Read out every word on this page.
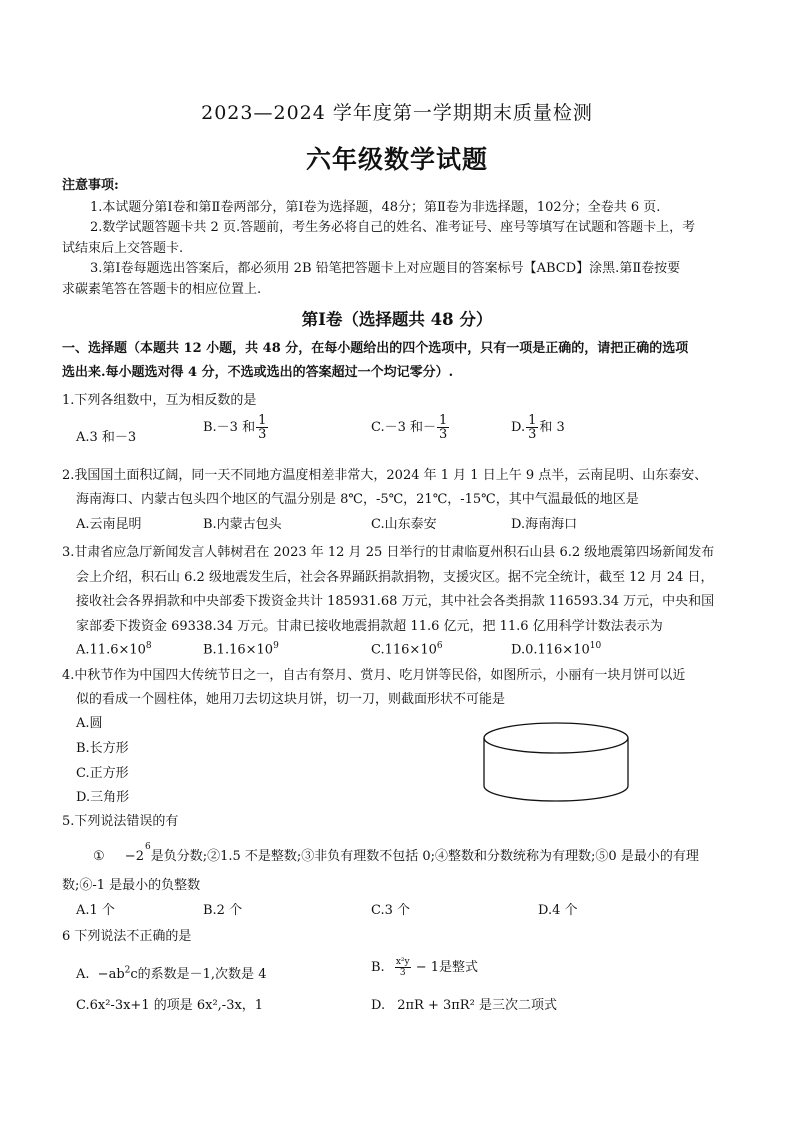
2023—2024 学年度第一学期期末质量检测
六年级数学试题
注意事项:
1.本试题分第Ⅰ卷和第Ⅱ卷两部分，第Ⅰ卷为选择题，48分；第Ⅱ卷为非选择题，102分；全卷共 6 页.
2.数学试题答题卡共 2 页.答题前，考生务必将自己的姓名、准考证号、座号等填写在试题和答题卡上，考
试结束后上交答题卡.
3.第Ⅰ卷每题选出答案后，都必须用 2B 铅笔把答题卡上对应题目的答案标号【ABCD】涂黑.第Ⅱ卷按要
求碳素笔答在答题卡的相应位置上.
第Ⅰ卷（选择题共 48 分）
一、选择题（本题共 12 小题，共 48 分，在每小题给出的四个选项中，只有一项是正确的，请把正确的选项
选出来.每小题选对得 4 分，不选或选出的答案超过一个均记零分）.
1.下列各组数中，互为相反数的是
A.3 和－3
B.－3 和 $\frac{1}{3}$	C.－3 和－ $\frac{1}{3}$	D. $\frac{1}{3}$ 和 3
2.我国国土面积辽阔，同一天不同地方温度相差非常大，2024 年 1 月 1 日上午 9 点半，云南昆明、山东泰安、
海南海口、内蒙古包头四个地区的气温分别是 8℃，-5℃，21℃，-15℃，其中气温最低的地区是
A.云南昆明	B.内蒙古包头	C.山东泰安	D.海南海口
3.甘肃省应急厅新闻发言人韩树君在 2023 年 12 月 25 日举行的甘肃临夏州积石山县 6.2 级地震第四场新闻发布
会上介绍，积石山 6.2 级地震发生后，社会各界踊跃捐款捐物，支援灾区。据不完全统计，截至 12 月 24 日，
接收社会各界捐款和中央部委下拨资金共计 185931.68 万元，其中社会各类捐款 116593.34 万元，中央和国
家部委下拨资金 69338.34 万元。甘肃已接收地震捐款超 11.6 亿元，把 11.6 亿用科学计数法表示为
$A.11.6\times 10^8$	$B.1.16\times 10^9$	$C.116\times 10^6$	$D.0.116\times 10^{10}$
4.中秋节作为中国四大传统节日之一，自古有祭月、赏月、吃月饼等民俗，如图所示，小丽有一块月饼可以近
似的看成一个圆柱体，她用刀去切这块月饼，切一刀，则截面形状不可能是
A.圆
B.长方形
C.正方形
D.三角形
5.下列说法错误的有
① $-2^6$是负分数;②1.5 不是整数;③非负有理数不包括 0;④整数和分数统称为有理数;⑤0 是最小的有理
数;⑥-1 是最小的负整数
A.1 个	B.2 个	C.3 个	D.4 个
6 下列说法不正确的是
A. $-ab^2c$的系数是－1,次数是 4	B. $\frac{\text{x²y}}{3} - 1$是整式
C.6x²-3x+1 的项是 6x²,-3x，1	D. 2πR + 3πR² 是三次二项式
